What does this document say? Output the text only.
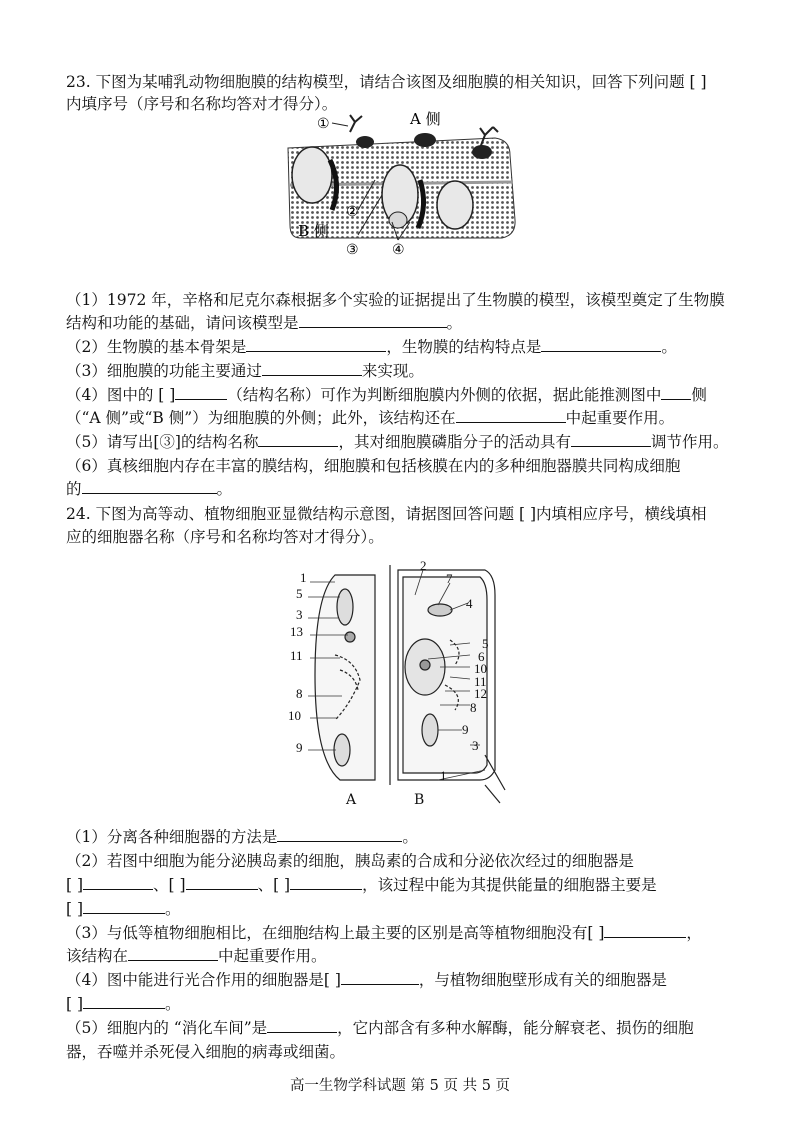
23. 下图为某哺乳动物细胞膜的结构模型，请结合该图及细胞膜的相关知识，回答下列问题 [ ]
内填序号（序号和名称均答对才得分）。
①	A 侧
②
B 侧
③ ④
（1）1972 年，辛格和尼克尔森根据多个实验的证据提出了生物膜的模型，该模型奠定了生物膜
结构和功能的基础，请问该模型是	。
（2）生物膜的基本骨架是	，生物膜的结构特点是	。
（3）细胞膜的功能主要通过	来实现。
（4）图中的 [ ]	（结构名称）可作为判断细胞膜内外侧的依据，据此能推测图中 侧
（“A 侧”或“B 侧”）为细胞膜的外侧；此外，该结构还在	中起重要作用。
（5）请写出[③]的结构名称	，其对细胞膜磷脂分子的活动具有	调节作用。
（6）真核细胞内存在丰富的膜结构，细胞膜和包括核膜在内的多种细胞器膜共同构成细胞
的	。
24. 下图为高等动、植物细胞亚显微结构示意图，请据图回答问题 [ ]内填相应序号，横线填相
应的细胞器名称（序号和名称均答对才得分）。
1
5
3
13
11
8
10
9
2
7
4
5
6
10
11
12
8
9
3
1
A	B
（1）分离各种细胞器的方法是	。
（2）若图中细胞为能分泌胰岛素的细胞，胰岛素的合成和分泌依次经过的细胞器是
[ ]	、[ ]	、[ ]	，该过程中能为其提供能量的细胞器主要是
[ ]	。
（3）与低等植物细胞相比，在细胞结构上最主要的区别是高等植物细胞没有[ ]	，
该结构在	中起重要作用。
（4）图中能进行光合作用的细胞器是[ ]	，与植物细胞壁形成有关的细胞器是
[ ]	。
（5）细胞内的 “消化车间”是	，它内部含有多种水解酶，能分解衰老、损伤的细胞
器，吞噬并杀死侵入细胞的病毒或细菌。
高一生物学科试题 第 5 页 共 5 页
